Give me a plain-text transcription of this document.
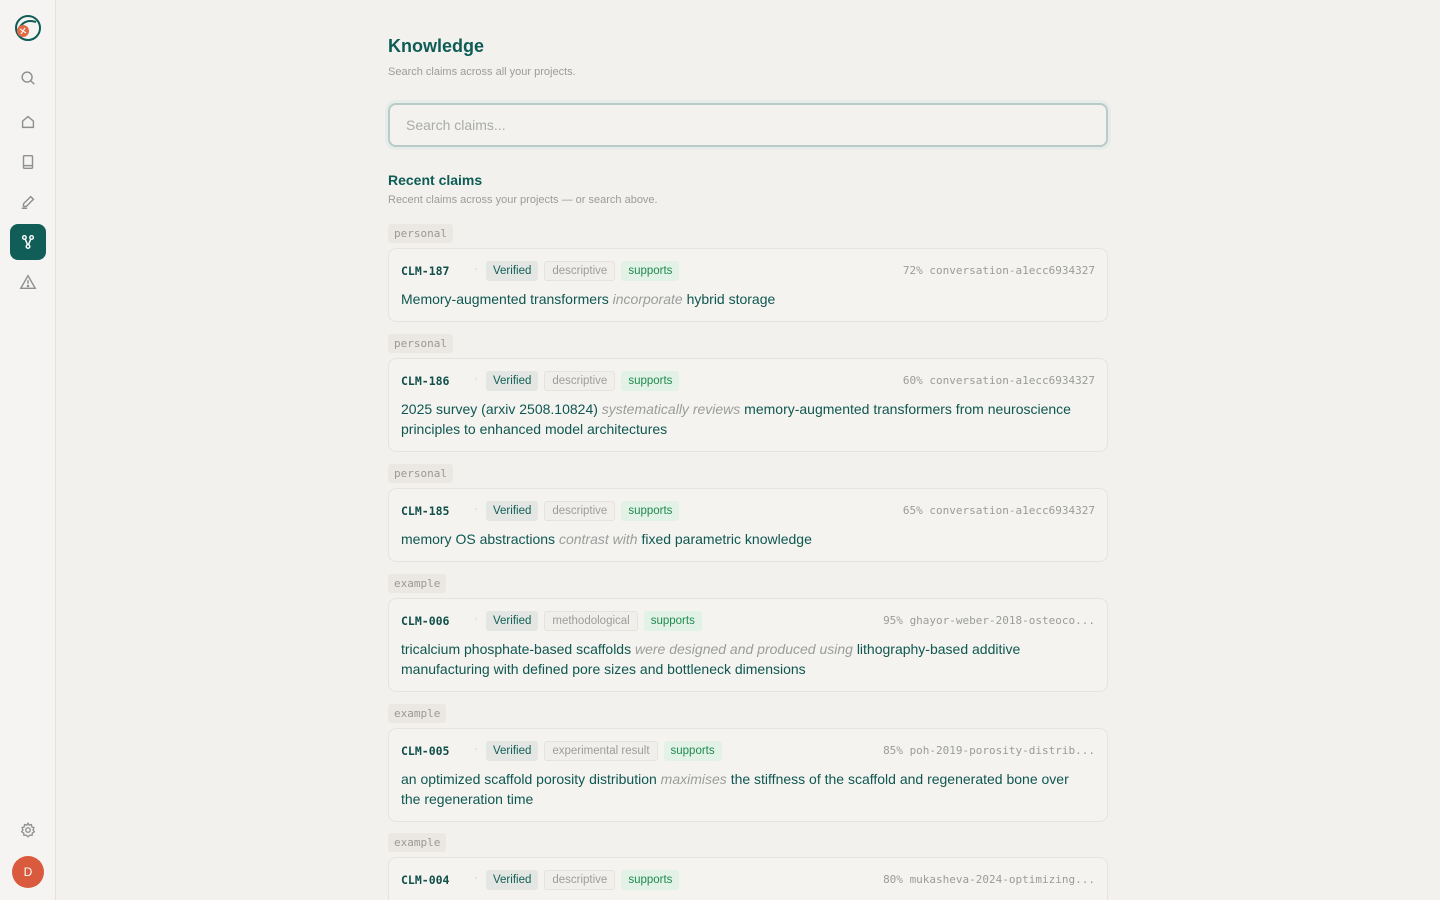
D
Knowledge

Search claims across all your projects.

Search claims...
Recent claims

Recent claims across your projects — or search above.

personal
CLM-187 ·	Verified	descriptive	supports	72% conversation-a1ecc6934327

Memory-augmented transformers incorporate hybrid storage

personal
CLM-186 ·	Verified	descriptive	supports	60% conversation-a1ecc6934327

2025 survey (arxiv 2508.10824) systematically reviews memory-augmented transformers from neuroscience principles to enhanced model architectures

personal
CLM-185 ·	Verified	descriptive	supports	65% conversation-a1ecc6934327

memory OS abstractions contrast with fixed parametric knowledge

example
CLM-006 ·	Verified	methodological	supports	95% ghayor-weber-2018-osteoco...

tricalcium phosphate-based scaffolds were designed and produced using lithography-based additive manufacturing with defined pore sizes and bottleneck dimensions

example
CLM-005 ·	Verified	experimental result	supports	85% poh-2019-porosity-distrib...

an optimized scaffold porosity distribution maximises the stiffness of the scaffold and regenerated bone over the regeneration time

example
CLM-004 ·	Verified	descriptive	supports	80% mukasheva-2024-optimizing...
